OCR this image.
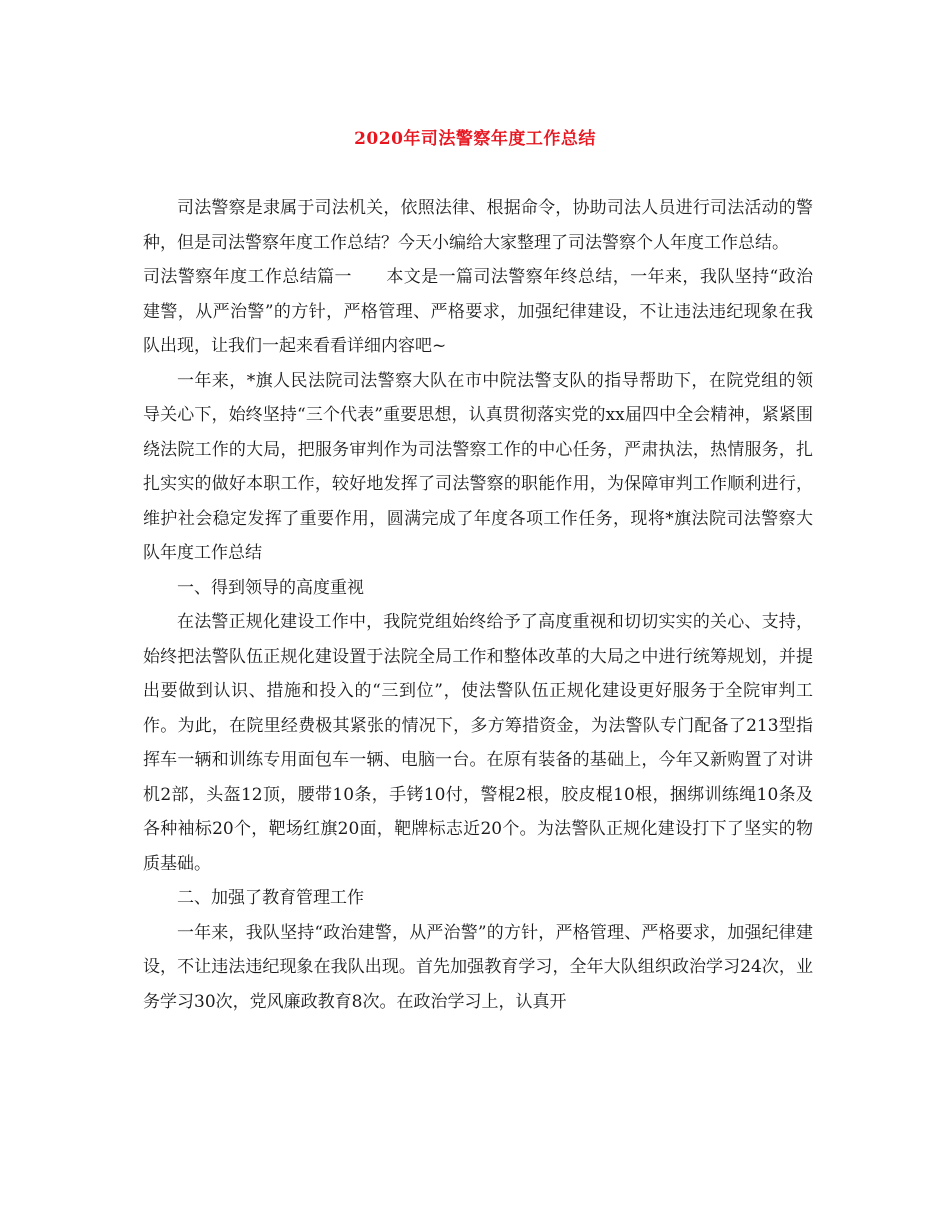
2020年司法警察年度工作总结

司法警察是隶属于司法机关，依照法律、根据命令，协助司法人员进行司法活动的警种，但是司法警察年度工作总结？今天小编给大家整理了司法警察个人年度工作总结。

司法警察年度工作总结篇一 本文是一篇司法警察年终总结，一年来，我队坚持“政治建警，从严治警”的方针，严格管理、严格要求，加强纪律建设，不让违法违纪现象在我队出现，让我们一起来看看详细内容吧~

一年来，*旗人民法院司法警察大队在市中院法警支队的指导帮助下，在院党组的领导关心下，始终坚持“三个代表”重要思想，认真贯彻落实党的xx届四中全会精神，紧紧围绕法院工作的大局，把服务审判作为司法警察工作的中心任务，严肃执法，热情服务，扎扎实实的做好本职工作，较好地发挥了司法警察的职能作用，为保障审判工作顺利进行，维护社会稳定发挥了重要作用，圆满完成了年度各项工作任务，现将*旗法院司法警察大队年度工作总结

一、得到领导的高度重视

在法警正规化建设工作中，我院党组始终给予了高度重视和切切实实的关心、支持，始终把法警队伍正规化建设置于法院全局工作和整体改革的大局之中进行统筹规划，并提出要做到认识、措施和投入的“三到位”，使法警队伍正规化建设更好服务于全院审判工作。为此，在院里经费极其紧张的情况下，多方筹措资金，为法警队专门配备了213型指挥车一辆和训练专用面包车一辆、电脑一台。在原有装备的基础上，今年又新购置了对讲机2部，头盔12顶，腰带10条，手铐10付，警棍2根，胶皮棍10根，捆绑训练绳10条及各种袖标20个，靶场红旗20面，靶牌标志近20个。为法警队正规化建设打下了坚实的物质基础。

二、加强了教育管理工作

一年来，我队坚持“政治建警，从严治警”的方针，严格管理、严格要求，加强纪律建设，不让违法违纪现象在我队出现。首先加强教育学习，全年大队组织政治学习24次，业务学习30次，党风廉政教育8次。在政治学习上，认真开
